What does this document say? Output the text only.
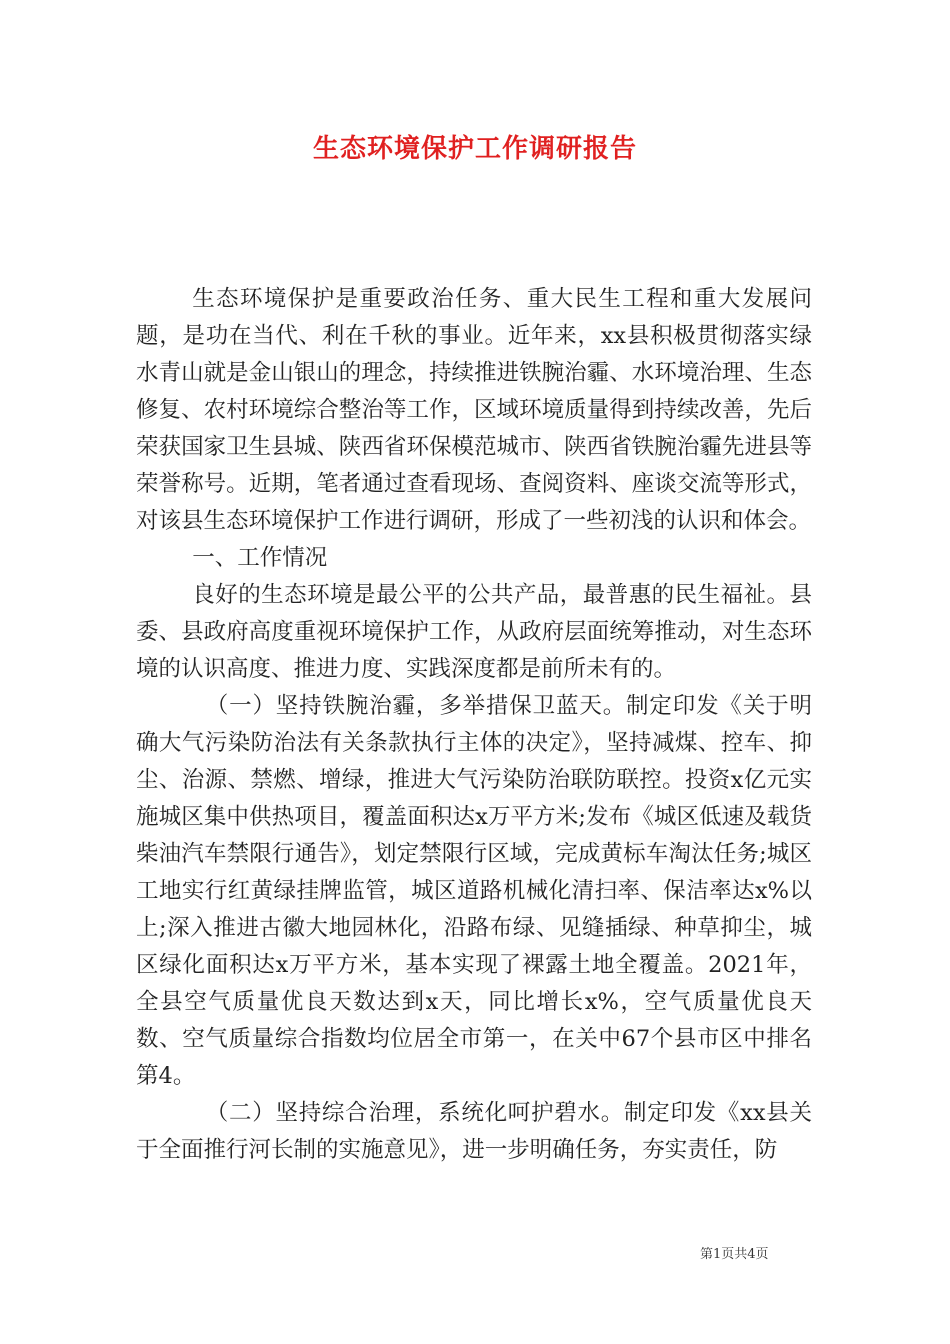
生态环境保护工作调研报告

生态环境保护是重要政治任务、重大民生工程和重大发展问题，是功在当代、利在千秋的事业。近年来，xx县积极贯彻落实绿水青山就是金山银山的理念，持续推进铁腕治霾、水环境治理、生态修复、农村环境综合整治等工作，区域环境质量得到持续改善，先后荣获国家卫生县城、陕西省环保模范城市、陕西省铁腕治霾先进县等荣誉称号。近期，笔者通过查看现场、查阅资料、座谈交流等形式，对该县生态环境保护工作进行调研，形成了一些初浅的认识和体会。

一、工作情况

良好的生态环境是最公平的公共产品，最普惠的民生福祉。县委、县政府高度重视环境保护工作，从政府层面统筹推动，对生态环境的认识高度、推进力度、实践深度都是前所未有的。

（一）坚持铁腕治霾，多举措保卫蓝天。制定印发《关于明确大气污染防治法有关条款执行主体的决定》，坚持减煤、控车、抑尘、治源、禁燃、增绿，推进大气污染防治联防联控。投资x亿元实施城区集中供热项目，覆盖面积达x万平方米;发布《城区低速及载货柴油汽车禁限行通告》，划定禁限行区域，完成黄标车淘汰任务;城区工地实行红黄绿挂牌监管，城区道路机械化清扫率、保洁率达x%以上;深入推进古徽大地园林化，沿路布绿、见缝插绿、种草抑尘，城区绿化面积达x万平方米，基本实现了裸露土地全覆盖。2021年，全县空气质量优良天数达到x天，同比增长x%，空气质量优良天数、空气质量综合指数均位居全市第一，在关中67个县市区中排名第4。

（二）坚持综合治理，系统化呵护碧水。制定印发《xx县关于全面推行河长制的实施意见》，进一步明确任务，夯实责任，防

第1页共4页
